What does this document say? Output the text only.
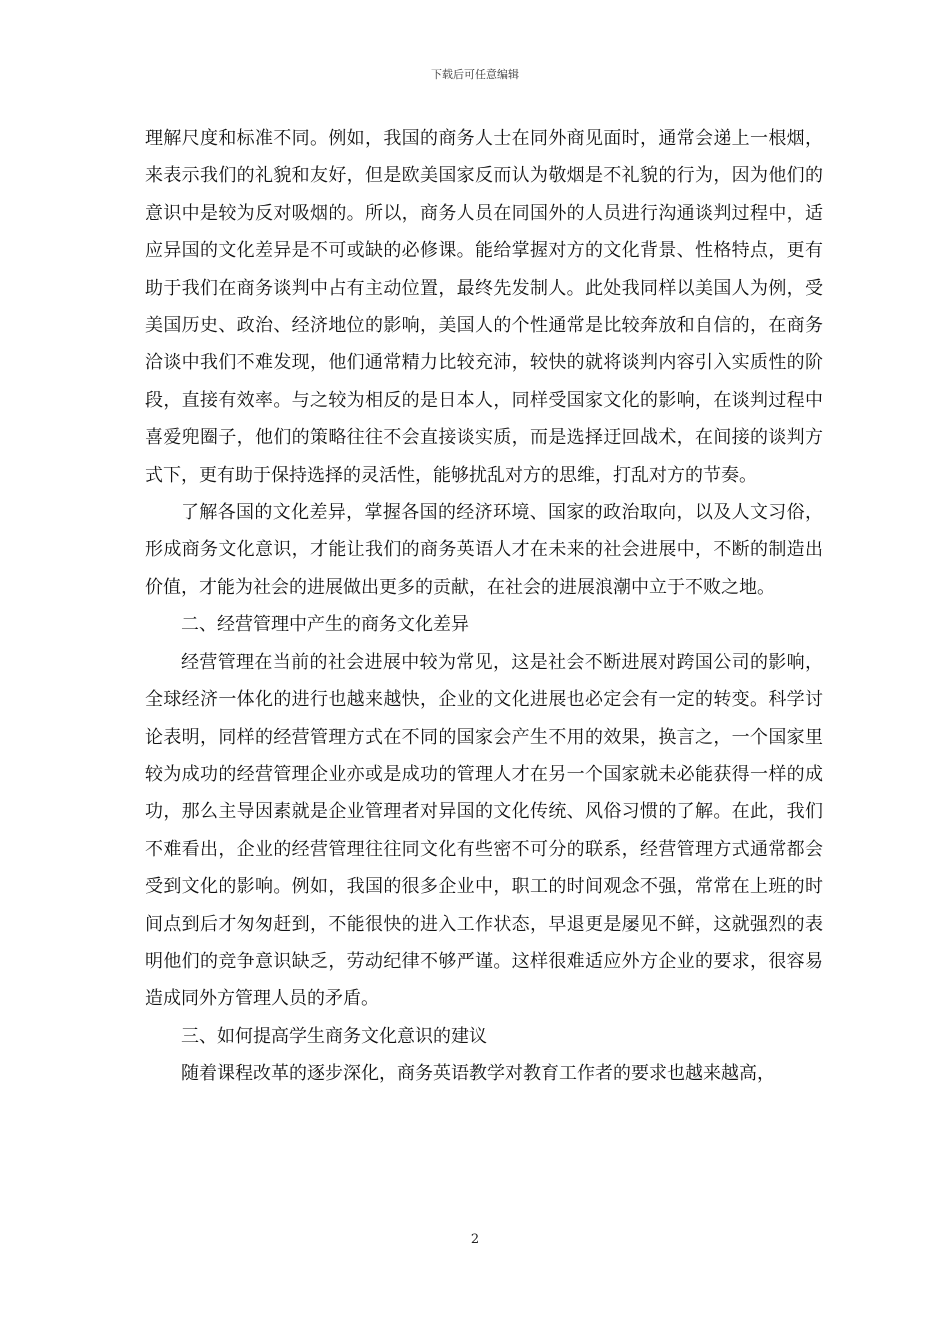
下载后可任意编辑

理解尺度和标准不同。例如，我国的商务人士在同外商见面时，通常会递上一根烟，来表示我们的礼貌和友好，但是欧美国家反而认为敬烟是不礼貌的行为，因为他们的意识中是较为反对吸烟的。所以，商务人员在同国外的人员进行沟通谈判过程中，适应异国的文化差异是不可或缺的必修课。能给掌握对方的文化背景、性格特点，更有助于我们在商务谈判中占有主动位置，最终先发制人。此处我同样以美国人为例，受美国历史、政治、经济地位的影响，美国人的个性通常是比较奔放和自信的，在商务洽谈中我们不难发现，他们通常精力比较充沛，较快的就将谈判内容引入实质性的阶段，直接有效率。与之较为相反的是日本人，同样受国家文化的影响，在谈判过程中喜爱兜圈子，他们的策略往往不会直接谈实质，而是选择迂回战术，在间接的谈判方式下，更有助于保持选择的灵活性，能够扰乱对方的思维，打乱对方的节奏。

了解各国的文化差异，掌握各国的经济环境、国家的政治取向，以及人文习俗，形成商务文化意识，才能让我们的商务英语人才在未来的社会进展中，不断的制造出价值，才能为社会的进展做出更多的贡献，在社会的进展浪潮中立于不败之地。

二、经营管理中产生的商务文化差异

经营管理在当前的社会进展中较为常见，这是社会不断进展对跨国公司的影响，全球经济一体化的进行也越来越快，企业的文化进展也必定会有一定的转变。科学讨论表明，同样的经营管理方式在不同的国家会产生不用的效果，换言之，一个国家里较为成功的经营管理企业亦或是成功的管理人才在另一个国家就未必能获得一样的成功，那么主导因素就是企业管理者对异国的文化传统、风俗习惯的了解。在此，我们不难看出，企业的经营管理往往同文化有些密不可分的联系，经营管理方式通常都会受到文化的影响。例如，我国的很多企业中，职工的时间观念不强，常常在上班的时间点到后才匆匆赶到，不能很快的进入工作状态，早退更是屡见不鲜，这就强烈的表明他们的竞争意识缺乏，劳动纪律不够严谨。这样很难适应外方企业的要求，很容易造成同外方管理人员的矛盾。

三、如何提高学生商务文化意识的建议

随着课程改革的逐步深化，商务英语教学对教育工作者的要求也越来越高，

2
